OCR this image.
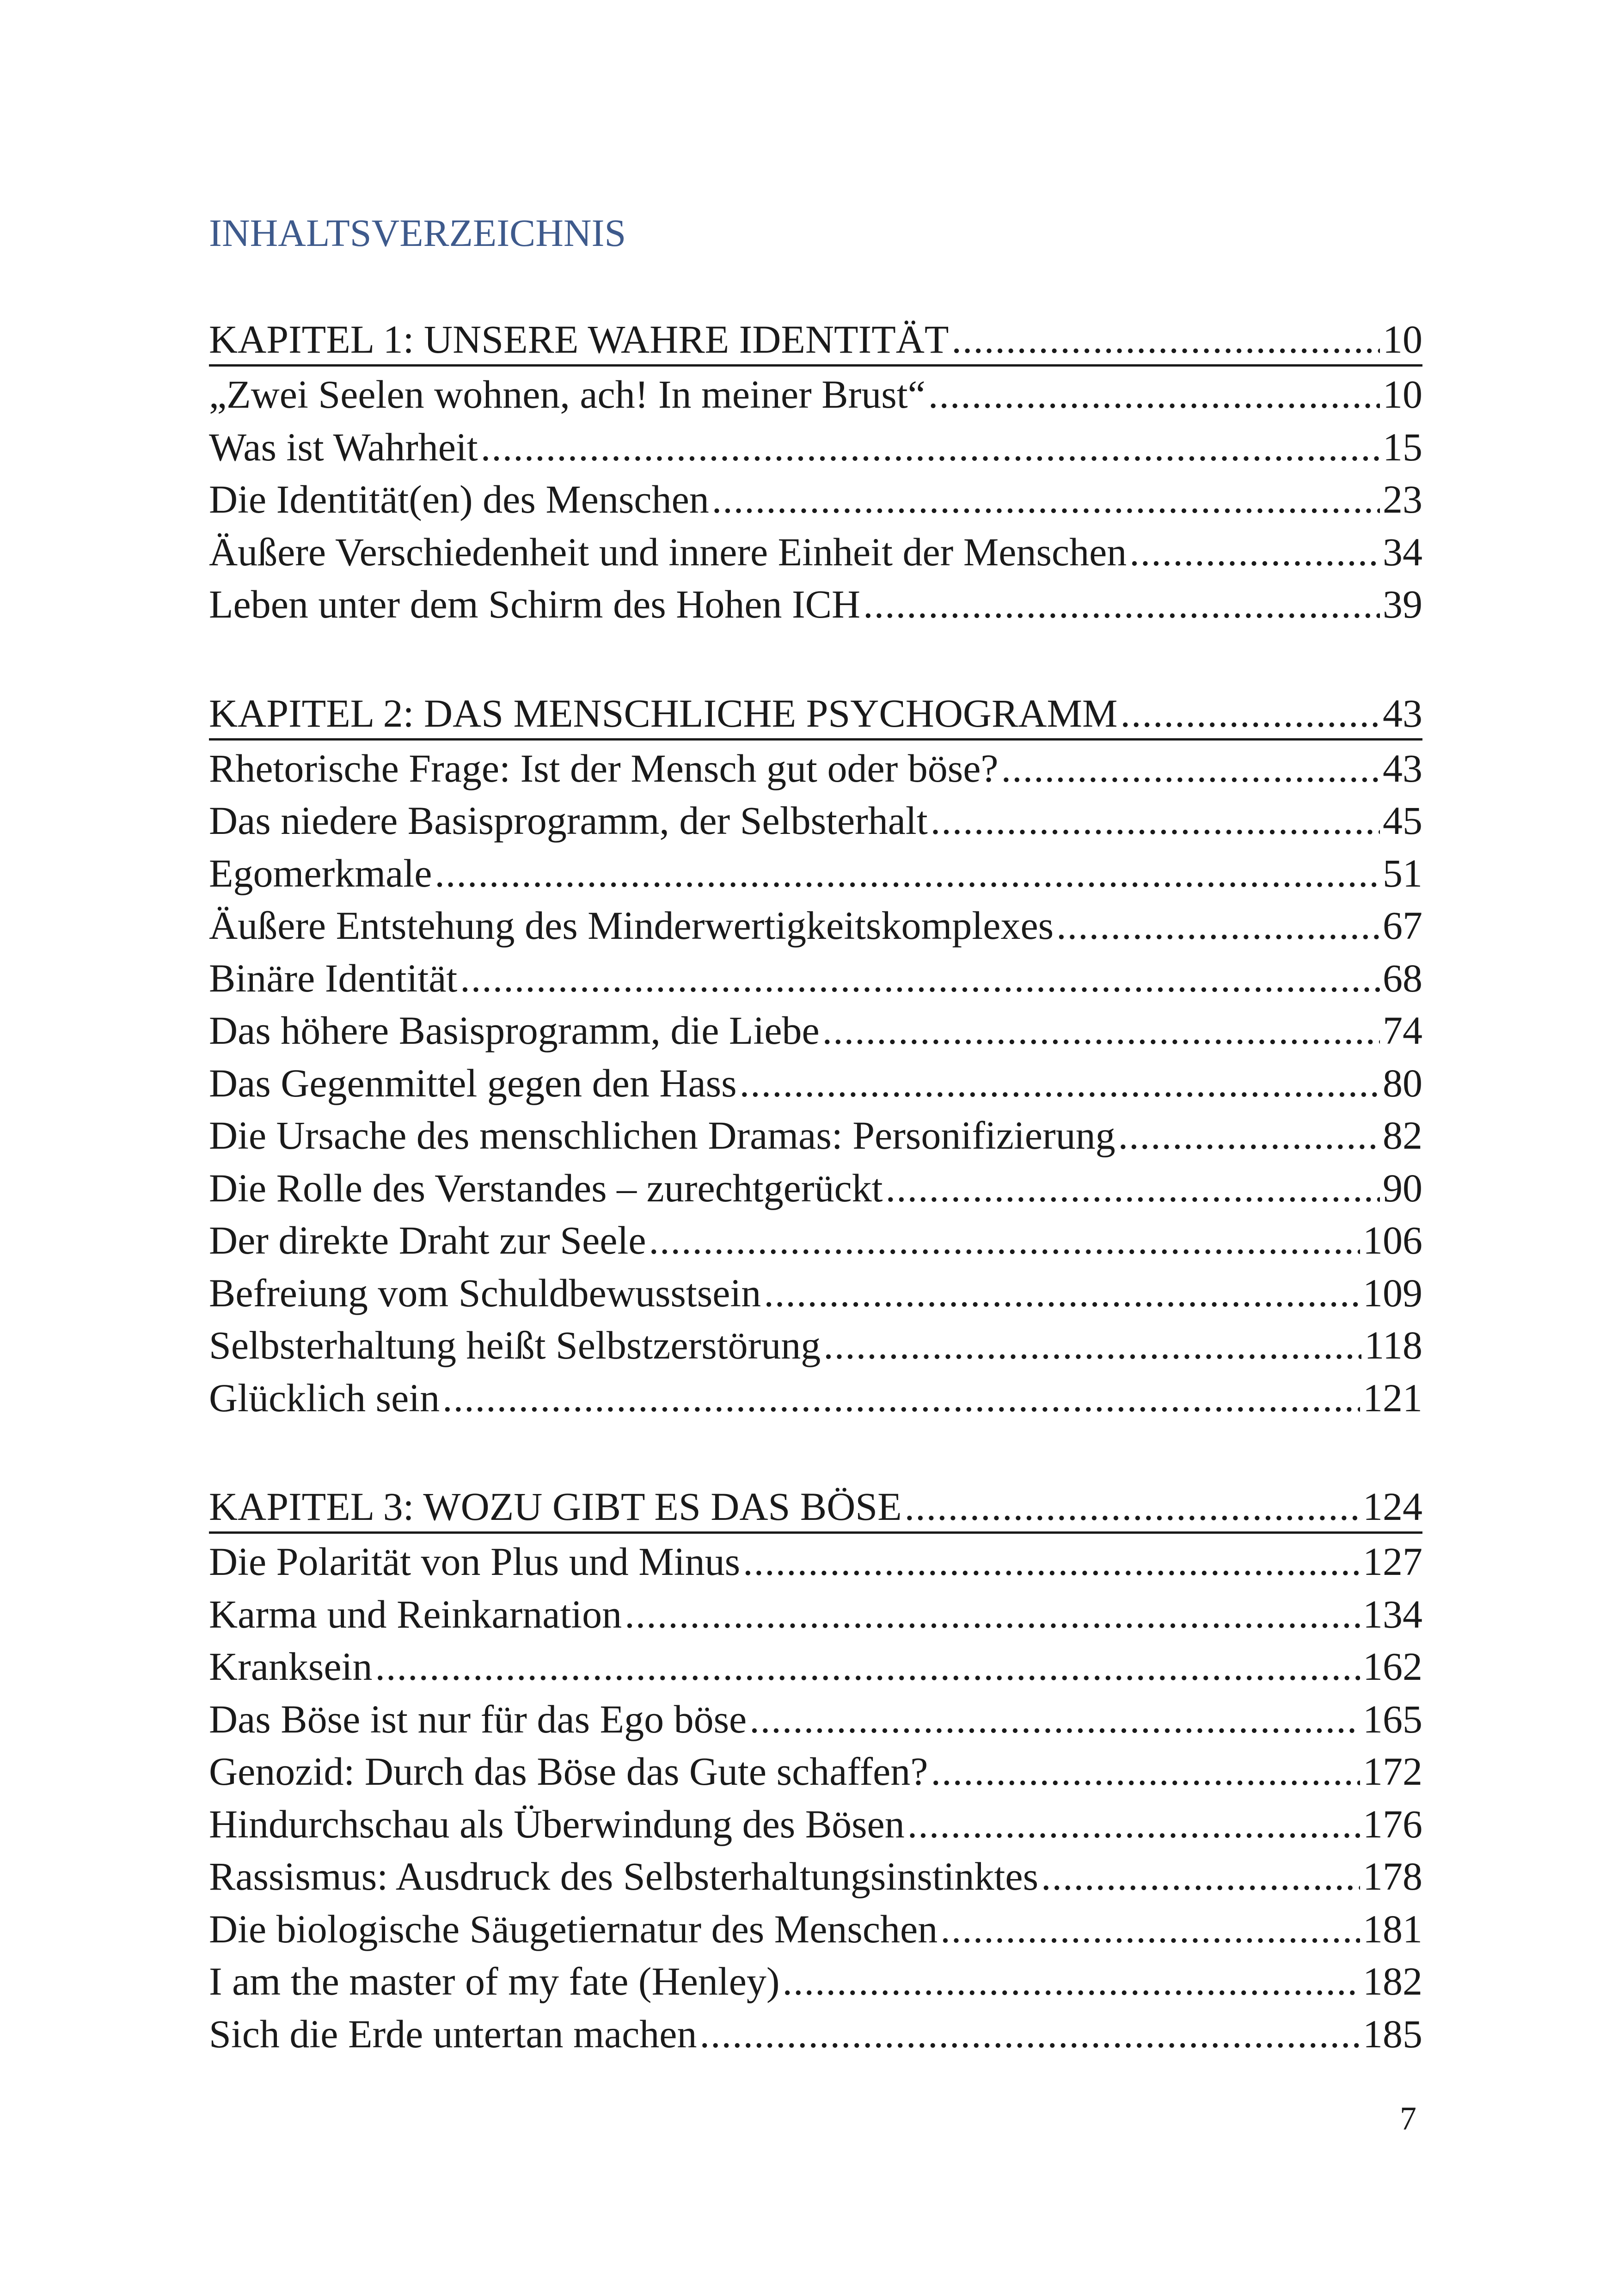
INHALTSVERZEICHNIS
KAPITEL 1: UNSERE WAHRE IDENTITÄT .....	10
„Zwei Seelen wohnen, ach! In meiner Brust“ .....	10
Was ist Wahrheit .....	15
Die Identität(en) des Menschen .....	23
Äußere Verschiedenheit und innere Einheit der Menschen .....	34
Leben unter dem Schirm des Hohen ICH .....	39
KAPITEL 2: DAS MENSCHLICHE PSYCHOGRAMM .....	43
Rhetorische Frage: Ist der Mensch gut oder böse? .....	43
Das niedere Basisprogramm, der Selbsterhalt .....	45
Egomerkmale .....	51
Äußere Entstehung des Minderwertigkeitskomplexes .....	67
Binäre Identität .....	68
Das höhere Basisprogramm, die Liebe .....	74
Das Gegenmittel gegen den Hass .....	80
Die Ursache des menschlichen Dramas: Personifizierung .....	82
Die Rolle des Verstandes – zurechtgerückt .....	90
Der direkte Draht zur Seele .....	106
Befreiung vom Schuldbewusstsein .....	109
Selbsterhaltung heißt Selbstzerstörung .....	118
Glücklich sein .....	121
KAPITEL 3: WOZU GIBT ES DAS BÖSE .....	124
Die Polarität von Plus und Minus .....	127
Karma und Reinkarnation .....	134
Kranksein .....	162
Das Böse ist nur für das Ego böse .....	165
Genozid: Durch das Böse das Gute schaffen? .....	172
Hindurchschau als Überwindung des Bösen .....	176
Rassismus: Ausdruck des Selbsterhaltungsinstinktes .....	178
Die biologische Säugetiernatur des Menschen .....	181
I am the master of my fate (Henley) .....	182
Sich die Erde untertan machen .....	185
7
